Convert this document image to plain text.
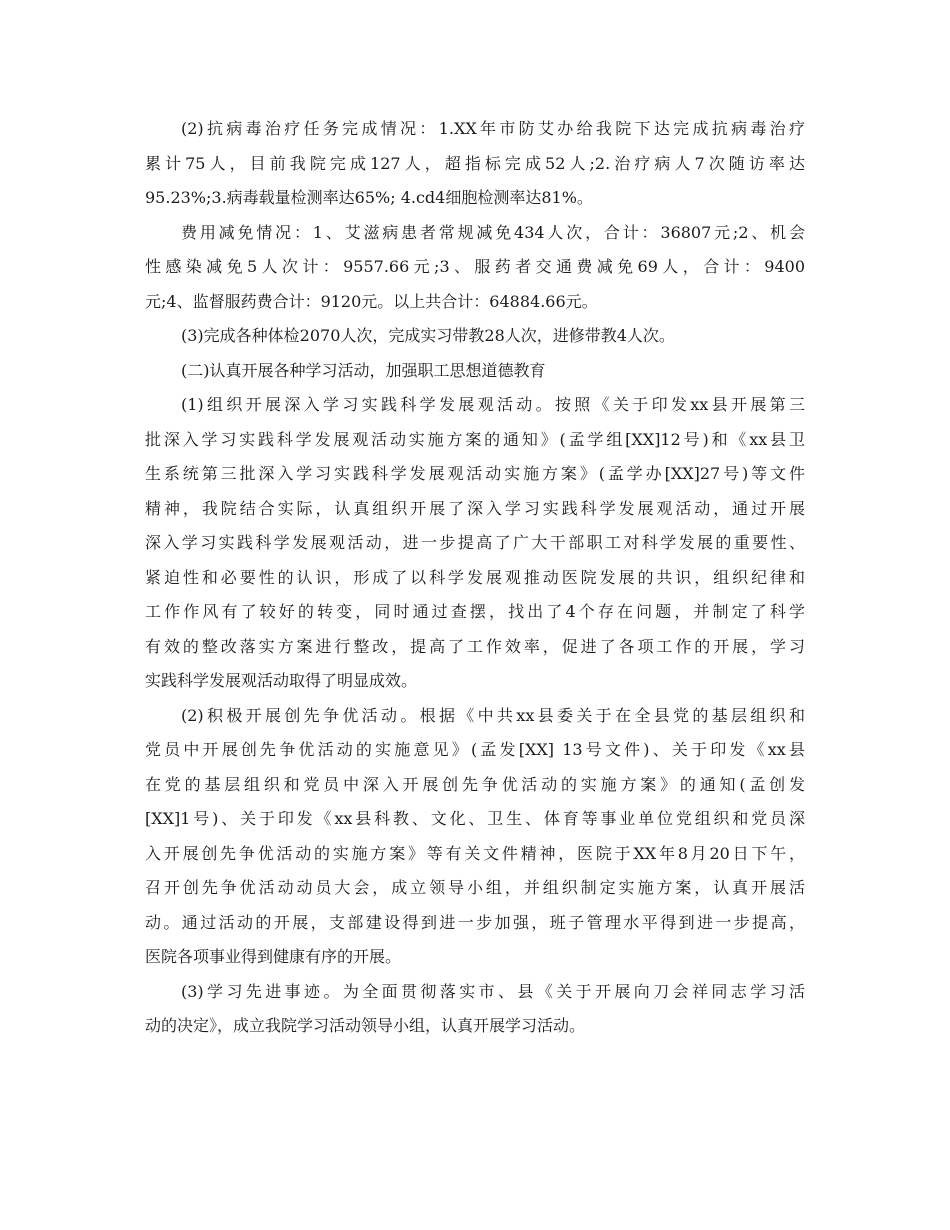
(2)抗病毒治疗任务完成情况：1.XX年市防艾办给我院下达完成抗病毒治疗
累计75人，目前我院完成127人，超指标完成52人;2.治疗病人7次随访率达
95.23%;3.病毒载量检测率达65%; 4.cd4细胞检测率达81%。
费用减免情况：1、艾滋病患者常规减免434人次，合计：36807元;2、机会
性感染减免5人次计：9557.66元;3、服药者交通费减免69人，合计：9400
元;4、监督服药费合计：9120元。以上共合计：64884.66元。
(3)完成各种体检2070人次，完成实习带教28人次，进修带教4人次。
(二)认真开展各种学习活动，加强职工思想道德教育
(1)组织开展深入学习实践科学发展观活动。按照《关于印发xx县开展第三
批深入学习实践科学发展观活动实施方案的通知》(孟学组[XX]12号)和《xx县卫
生系统第三批深入学习实践科学发展观活动实施方案》(孟学办[XX]27号)等文件
精神，我院结合实际，认真组织开展了深入学习实践科学发展观活动，通过开展
深入学习实践科学发展观活动，进一步提高了广大干部职工对科学发展的重要性、
紧迫性和必要性的认识，形成了以科学发展观推动医院发展的共识，组织纪律和
工作作风有了较好的转变，同时通过查摆，找出了4个存在问题，并制定了科学
有效的整改落实方案进行整改，提高了工作效率，促进了各项工作的开展，学习
实践科学发展观活动取得了明显成效。
(2)积极开展创先争优活动。根据《中共xx县委关于在全县党的基层组织和
党员中开展创先争优活动的实施意见》(孟发[XX] 13号文件)、关于印发《xx县
在党的基层组织和党员中深入开展创先争优活动的实施方案》的通知(孟创发
[XX]1号)、关于印发《xx县科教、文化、卫生、体育等事业单位党组织和党员深
入开展创先争优活动的实施方案》等有关文件精神，医院于XX年8月20日下午，
召开创先争优活动动员大会，成立领导小组，并组织制定实施方案，认真开展活
动。通过活动的开展，支部建设得到进一步加强，班子管理水平得到进一步提高，
医院各项事业得到健康有序的开展。
(3)学习先进事迹。为全面贯彻落实市、县《关于开展向刀会祥同志学习活
动的决定》，成立我院学习活动领导小组，认真开展学习活动。
